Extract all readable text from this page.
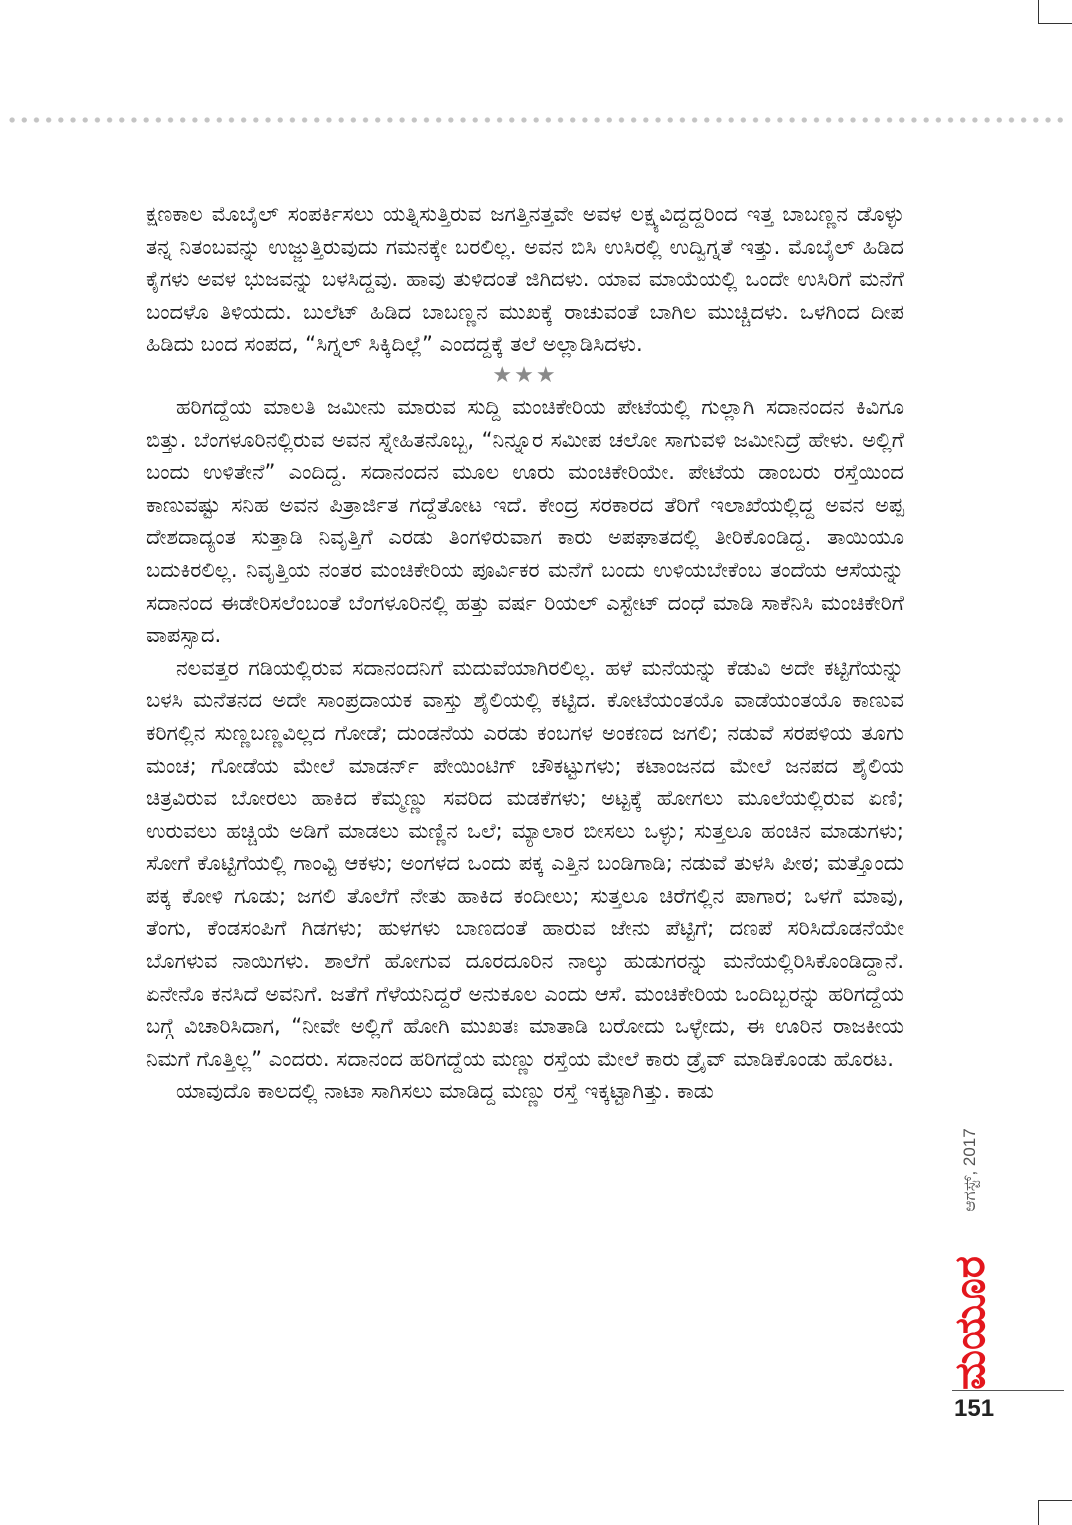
ಕ್ಷಣಕಾಲ ಮೊಬೈಲ್ ಸಂಪರ್ಕಿಸಲು ಯತ್ನಿಸುತ್ತಿರುವ ಜಗತ್ತಿನತ್ತವೇ ಅವಳ ಲಕ್ಷ್ಯವಿದ್ದದ್ದರಿಂದ ಇತ್ತ ಬಾಬಣ್ಣನ ಡೊಳ್ಳು ತನ್ನ ನಿತಂಬವನ್ನು ಉಜ್ಜುತ್ತಿರುವುದು ಗಮನಕ್ಕೇ ಬರಲಿಲ್ಲ. ಅವನ ಬಿಸಿ ಉಸಿರಲ್ಲಿ ಉದ್ವಿಗ್ನತೆ ಇತ್ತು. ಮೊಬೈಲ್ ಹಿಡಿದ ಕೈಗಳು ಅವಳ ಭುಜವನ್ನು ಬಳಸಿದ್ದವು. ಹಾವು ತುಳಿದಂತೆ ಜಿಗಿದಳು. ಯಾವ ಮಾಯೆಯಲ್ಲಿ ಒಂದೇ ಉಸಿರಿಗೆ ಮನೆಗೆ ಬಂದಳೊ ತಿಳಿಯದು. ಬುಲೆಟ್ ಹಿಡಿದ ಬಾಬಣ್ಣನ ಮುಖಕ್ಕೆ ರಾಚುವಂತೆ ಬಾಗಿಲ ಮುಚ್ಚಿದಳು. ಒಳಗಿಂದ ದೀಪ ಹಿಡಿದು ಬಂದ ಸಂಪದ, “ಸಿಗ್ನಲ್ ಸಿಕ್ಕಿದಿಲ್ಲೆ” ಎಂದದ್ದಕ್ಕೆ ತಲೆ ಅಲ್ಲಾಡಿಸಿದಳು.

★★★

ಹರಿಗದ್ದೆಯ ಮಾಲತಿ ಜಮೀನು ಮಾರುವ ಸುದ್ದಿ ಮಂಚಿಕೇರಿಯ ಪೇಟೆಯಲ್ಲಿ ಗುಲ್ಲಾಗಿ ಸದಾನಂದನ ಕಿವಿಗೂ ಬಿತ್ತು. ಬೆಂಗಳೂರಿನಲ್ಲಿರುವ ಅವನ ಸ್ನೇಹಿತನೊಬ್ಬ, “ನಿನ್ನೂರ ಸಮೀಪ ಚಲೋ ಸಾಗುವಳಿ ಜಮೀನಿದ್ರೆ ಹೇಳು. ಅಲ್ಲಿಗೆ ಬಂದು ಉಳಿತೇನೆ” ಎಂದಿದ್ದ. ಸದಾನಂದನ ಮೂಲ ಊರು ಮಂಚಿಕೇರಿಯೇ. ಪೇಟೆಯ ಡಾಂಬರು ರಸ್ತೆಯಿಂದ ಕಾಣುವಷ್ಟು ಸನಿಹ ಅವನ ಪಿತ್ರಾರ್ಜಿತ ಗದ್ದೆತೋಟ ಇದೆ. ಕೇಂದ್ರ ಸರಕಾರದ ತೆರಿಗೆ ಇಲಾಖೆಯಲ್ಲಿದ್ದ ಅವನ ಅಪ್ಪ ದೇಶದಾದ್ಯಂತ ಸುತ್ತಾಡಿ ನಿವೃತ್ತಿಗೆ ಎರಡು ತಿಂಗಳಿರುವಾಗ ಕಾರು ಅಪಘಾತದಲ್ಲಿ ತೀರಿಕೊಂಡಿದ್ದ. ತಾಯಿಯೂ ಬದುಕಿರಲಿಲ್ಲ. ನಿವೃತ್ತಿಯ ನಂತರ ಮಂಚಿಕೇರಿಯ ಪೂರ್ವಿಕರ ಮನೆಗೆ ಬಂದು ಉಳಿಯಬೇಕೆಂಬ ತಂದೆಯ ಆಸೆಯನ್ನು ಸದಾನಂದ ಈಡೇರಿಸಲೆಂಬಂತೆ ಬೆಂಗಳೂರಿನಲ್ಲಿ ಹತ್ತು ವರ್ಷ ರಿಯಲ್ ಎಸ್ಟೇಟ್ ದಂಧೆ ಮಾಡಿ ಸಾಕೆನಿಸಿ ಮಂಚಿಕೇರಿಗೆ ವಾಪಸ್ಸಾದ.

ನಲವತ್ತರ ಗಡಿಯಲ್ಲಿರುವ ಸದಾನಂದನಿಗೆ ಮದುವೆಯಾಗಿರಲಿಲ್ಲ. ಹಳೆ ಮನೆಯನ್ನು ಕೆಡುವಿ ಅದೇ ಕಟ್ಟಿಗೆಯನ್ನು ಬಳಸಿ ಮನೆತನದ ಅದೇ ಸಾಂಪ್ರದಾಯಕ ವಾಸ್ತು ಶೈಲಿಯಲ್ಲಿ ಕಟ್ಟಿದ. ಕೋಟೆಯಂತಯೊ ವಾಡೆಯಂತಯೊ ಕಾಣುವ ಕರಿಗಲ್ಲಿನ ಸುಣ್ಣಬಣ್ಣವಿಲ್ಲದ ಗೋಡೆ; ದುಂಡನೆಯ ಎರಡು ಕಂಬಗಳ ಅಂಕಣದ ಜಗಲಿ; ನಡುವೆ ಸರಪಳಿಯ ತೂಗು ಮಂಚ; ಗೋಡೆಯ ಮೇಲೆ ಮಾಡರ್ನ್ ಪೇಯಿಂಟಿಗ್ ಚೌಕಟ್ಟುಗಳು; ಕಟಾಂಜನದ ಮೇಲೆ ಜನಪದ ಶೈಲಿಯ ಚಿತ್ರವಿರುವ ಬೋರಲು ಹಾಕಿದ ಕೆಮ್ಮಣ್ಣು ಸವರಿದ ಮಡಕೆಗಳು; ಅಟ್ಟಕ್ಕೆ ಹೋಗಲು ಮೂಲೆಯಲ್ಲಿರುವ ಏಣಿ; ಉರುವಲು ಹಚ್ಚಿಯೆ ಅಡಿಗೆ ಮಾಡಲು ಮಣ್ಣಿನ ಒಲೆ; ಮ್ಯಾಲಾರ ಬೀಸಲು ಒಳ್ಳು; ಸುತ್ತಲೂ ಹಂಚಿನ ಮಾಡುಗಳು; ಸೋಗೆ ಕೊಟ್ಟಿಗೆಯಲ್ಲಿ ಗಾಂವ್ಟಿ ಆಕಳು; ಅಂಗಳದ ಒಂದು ಪಕ್ಕ ಎತ್ತಿನ ಬಂಡಿಗಾಡಿ; ನಡುವೆ ತುಳಸಿ ಪೀಠ; ಮತ್ತೊಂದು ಪಕ್ಕ ಕೋಳಿ ಗೂಡು; ಜಗಲಿ ತೊಲೆಗೆ ನೇತು ಹಾಕಿದ ಕಂದೀಲು; ಸುತ್ತಲೂ ಚಿರೆಗಲ್ಲಿನ ಪಾಗಾರ; ಒಳಗೆ ಮಾವು, ತೆಂಗು, ಕೆಂಡಸಂಪಿಗೆ ಗಿಡಗಳು; ಹುಳಗಳು ಬಾಣದಂತೆ ಹಾರುವ ಜೇನು ಪೆಟ್ಟಿಗೆ; ದಣಪೆ ಸರಿಸಿದೊಡನೆಯೇ ಬೊಗಳುವ ನಾಯಿಗಳು. ಶಾಲೆಗೆ ಹೋಗುವ ದೂರದೂರಿನ ನಾಲ್ಕು ಹುಡುಗರನ್ನು ಮನೆಯಲ್ಲಿರಿಸಿಕೊಂಡಿದ್ದಾನೆ. ಏನೇನೊ ಕನಸಿದೆ ಅವನಿಗೆ. ಜತೆಗೆ ಗೆಳೆಯನಿದ್ದರೆ ಅನುಕೂಲ ಎಂದು ಆಸೆ. ಮಂಚಿಕೇರಿಯ ಒಂದಿಬ್ಬರನ್ನು ಹರಿಗದ್ದೆಯ ಬಗ್ಗೆ ವಿಚಾರಿಸಿದಾಗ, “ನೀವೇ ಅಲ್ಲಿಗೆ ಹೋಗಿ ಮುಖತಃ ಮಾತಾಡಿ ಬರೋದು ಒಳ್ಳೇದು, ಈ ಊರಿನ ರಾಜಕೀಯ ನಿಮಗೆ ಗೊತ್ತಿಲ್ಲ” ಎಂದರು. ಸದಾನಂದ ಹರಿಗದ್ದೆಯ ಮಣ್ಣು ರಸ್ತೆಯ ಮೇಲೆ ಕಾರು ಡ್ರೈವ್ ಮಾಡಿಕೊಂಡು ಹೊರಟ.

ಯಾವುದೊ ಕಾಲದಲ್ಲಿ ನಾಟಾ ಸಾಗಿಸಲು ಮಾಡಿದ್ದ ಮಣ್ಣು ರಸ್ತೆ ಇಕ್ಕಟ್ಟಾಗಿತ್ತು. ಕಾಡು

ಆಗಸ್ಟ್, 2017
ಮಯೂರ
151
